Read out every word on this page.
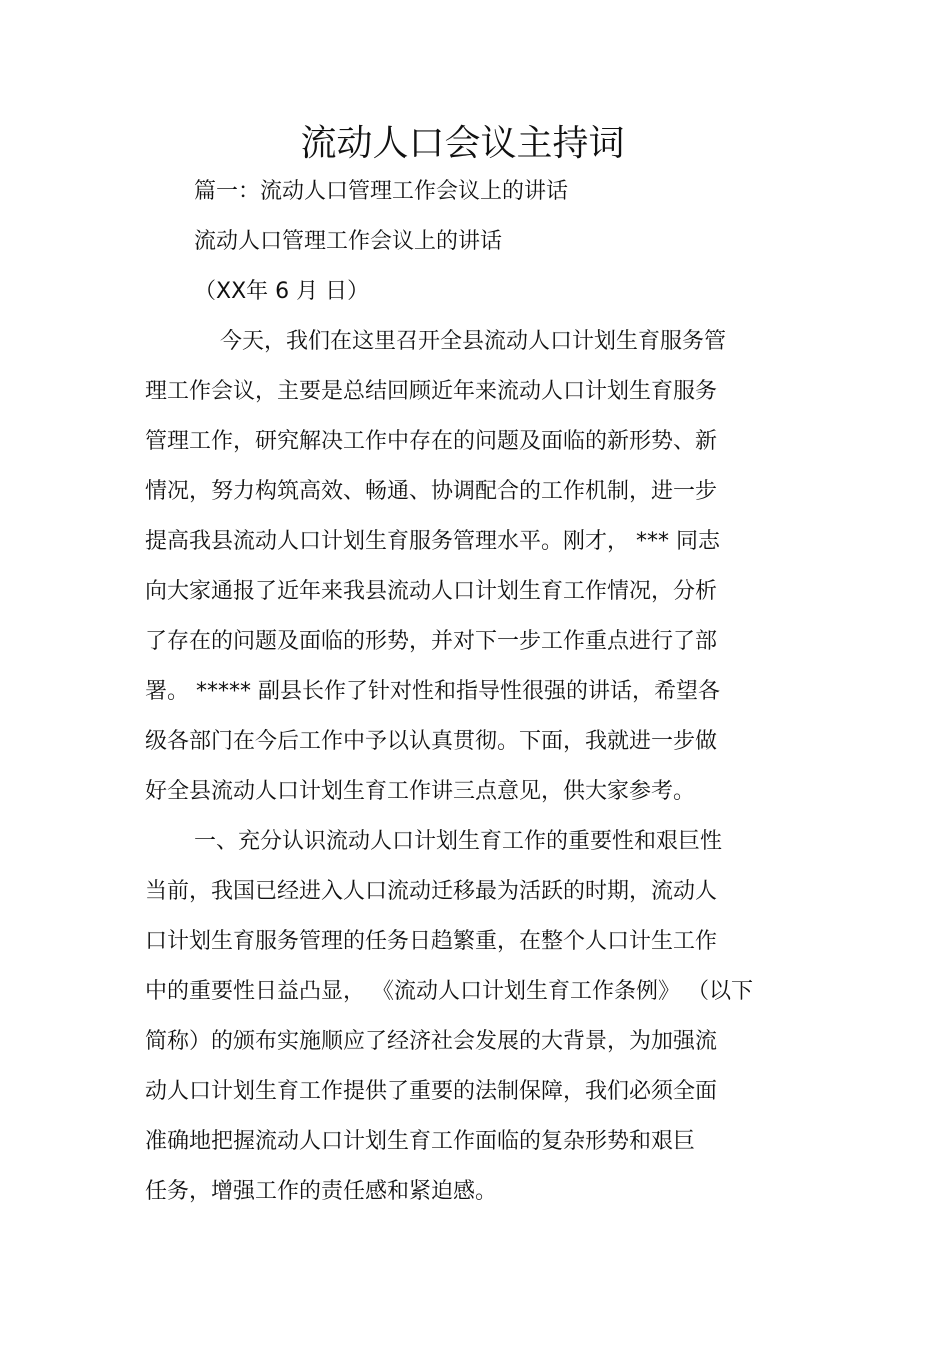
流动人口会议主持词

篇一：流动人口管理工作会议上的讲话

流动人口管理工作会议上的讲话

（XX年 6 月 日）

今天，我们在这里召开全县流动人口计划生育服务管

理工作会议，主要是总结回顾近年来流动人口计划生育服务

管理工作，研究解决工作中存在的问题及面临的新形势、新

情况，努力构筑高效、畅通、协调配合的工作机制，进一步

提高我县流动人口计划生育服务管理水平。刚才， *** 同志

向大家通报了近年来我县流动人口计划生育工作情况，分析

了存在的问题及面临的形势，并对下一步工作重点进行了部

署。 ***** 副县长作了针对性和指导性很强的讲话，希望各

级各部门在今后工作中予以认真贯彻。下面，我就进一步做

好全县流动人口计划生育工作讲三点意见，供大家参考。

一、充分认识流动人口计划生育工作的重要性和艰巨性

当前，我国已经进入人口流动迁移最为活跃的时期，流动人

口计划生育服务管理的任务日趋繁重，在整个人口计生工作

中的重要性日益凸显， 《流动人口计划生育工作条例》 （以下

简称）的颁布实施顺应了经济社会发展的大背景，为加强流

动人口计划生育工作提供了重要的法制保障，我们必须全面

准确地把握流动人口计划生育工作面临的复杂形势和艰巨

任务，增强工作的责任感和紧迫感。
